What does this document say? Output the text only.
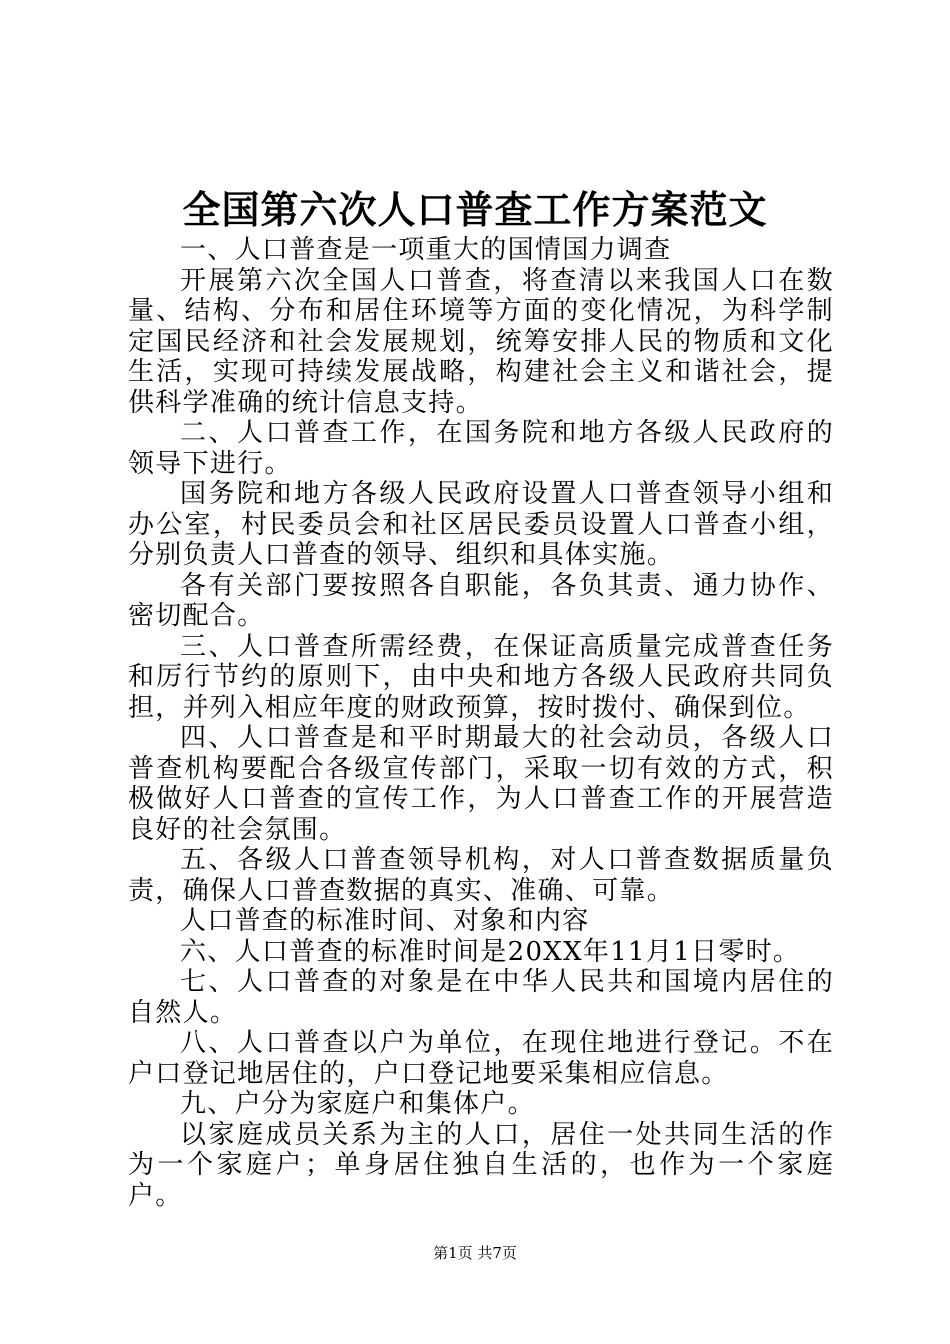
全国第六次人口普查工作方案范文

一、人口普查是一项重大的国情国力调查

开展第六次全国人口普查，将查清以来我国人口在数量、结构、分布和居住环境等方面的变化情况，为科学制定国民经济和社会发展规划，统筹安排人民的物质和文化生活，实现可持续发展战略，构建社会主义和谐社会，提供科学准确的统计信息支持。

二、人口普查工作，在国务院和地方各级人民政府的领导下进行。

国务院和地方各级人民政府设置人口普查领导小组和办公室，村民委员会和社区居民委员设置人口普查小组，分别负责人口普查的领导、组织和具体实施。

各有关部门要按照各自职能，各负其责、通力协作、密切配合。

三、人口普查所需经费，在保证高质量完成普查任务和厉行节约的原则下，由中央和地方各级人民政府共同负担，并列入相应年度的财政预算，按时拨付、确保到位。

四、人口普查是和平时期最大的社会动员，各级人口普查机构要配合各级宣传部门，采取一切有效的方式，积极做好人口普查的宣传工作，为人口普查工作的开展营造良好的社会氛围。

五、各级人口普查领导机构，对人口普查数据质量负责，确保人口普查数据的真实、准确、可靠。

人口普查的标准时间、对象和内容

六、人口普查的标准时间是20XX年11月1日零时。

七、人口普查的对象是在中华人民共和国境内居住的自然人。

八、人口普查以户为单位，在现住地进行登记。不在户口登记地居住的，户口登记地要采集相应信息。

九、户分为家庭户和集体户。

以家庭成员关系为主的人口，居住一处共同生活的作为一个家庭户；单身居住独自生活的，也作为一个家庭户。

第1页 共7页
